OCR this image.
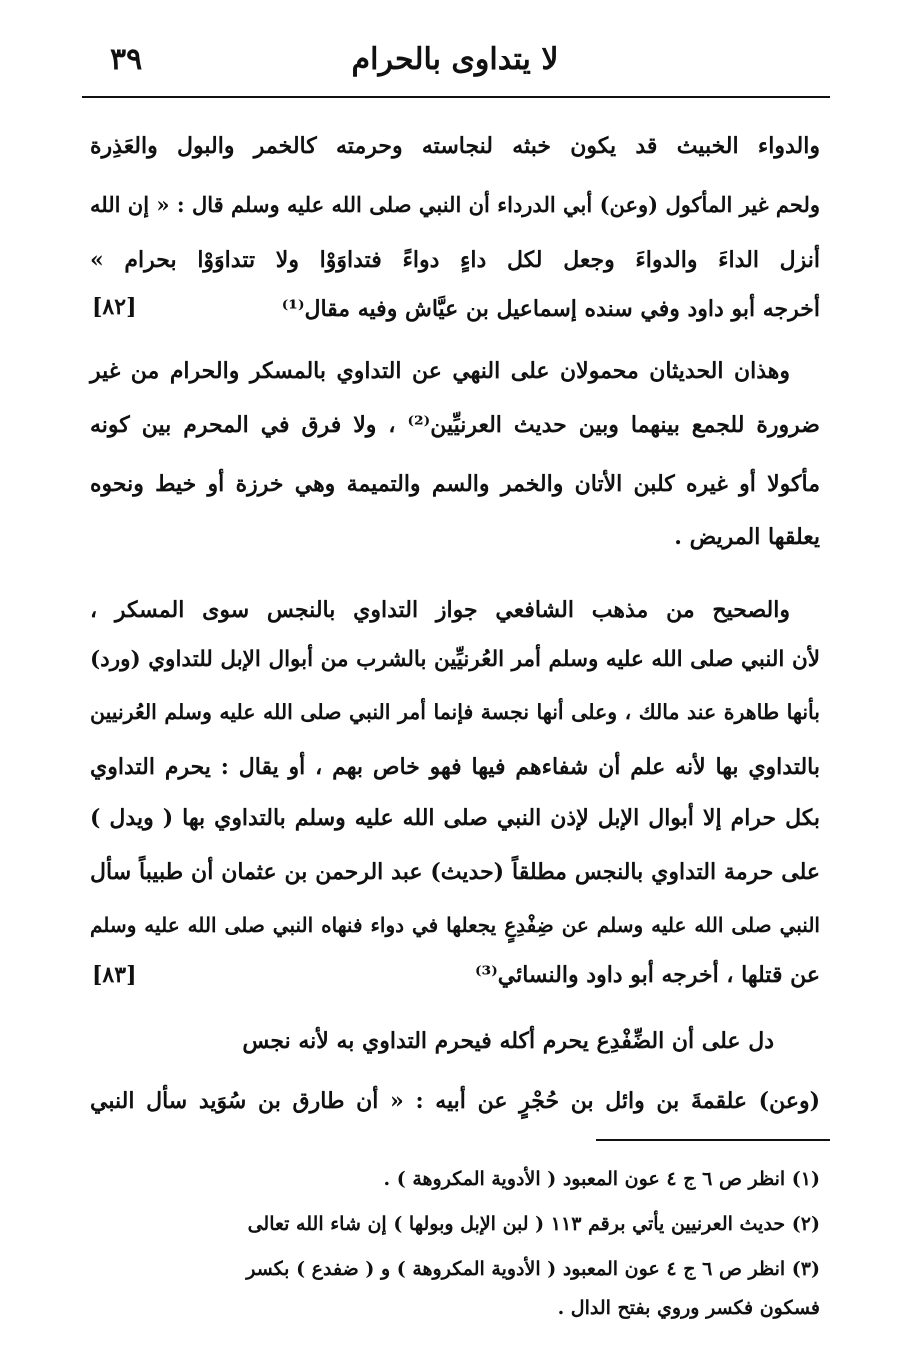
٣٩	لا يتداوى بالحرام
والدواء الخبيث قد يكون خبثه لنجاسته وحرمته كالخمر والبول والعَذِرة
ولحم غير المأكول (وعن) أبي الدرداء أن النبي صلى الله عليه وسلم قال : « إن الله
أنزل الداءَ والدواءَ وجعل لكل داءٍ دواءً فتداوَوْا ولا تتداوَوْا بحرام »
أخرجه أبو داود وفي سنده إسماعيل بن عيَّاش وفيه مقال⁽¹⁾
[٨٢]
وهذان الحديثان محمولان على النهي عن التداوي بالمسكر والحرام من غير
ضرورة للجمع بينهما وبين حديث العرنيِّين⁽²⁾ ، ولا فرق في المحرم بين كونه
مأكولا أو غيره كلبن الأتان والخمر والسم والتميمة وهي خرزة أو خيط ونحوه
يعلقها المريض .
والصحيح من مذهب الشافعي جواز التداوي بالنجس سوى المسكر ،
لأن النبي صلى الله عليه وسلم أمر العُرنيِّين بالشرب من أبوال الإبل للتداوي (ورد)
بأنها طاهرة عند مالك ، وعلى أنها نجسة فإنما أمر النبي صلى الله عليه وسلم العُرنيين
بالتداوي بها لأنه علم أن شفاءهم فيها فهو خاص بهم ، أو يقال : يحرم التداوي
بكل حرام إلا أبوال الإبل لإذن النبي صلى الله عليه وسلم بالتداوي بها ( ويدل )
على حرمة التداوي بالنجس مطلقاً (حديث) عبد الرحمن بن عثمان أن طبيباً سأل
النبي صلى الله عليه وسلم عن ضِفْدِعٍ يجعلها في دواء فنهاه النبي صلى الله عليه وسلم
عن قتلها ، أخرجه أبو داود والنسائي⁽³⁾
[٨٣]
دل على أن الضِّفْدِع يحرم أكله فيحرم التداوي به لأنه نجس
(وعن) علقمةَ بن وائل بن حُجْرٍ عن أبيه : « أن طارق بن سُوَيد سأل النبي
(١) انظر ص ٦ ج ٤ عون المعبود ( الأدوية المكروهة ) .
(٢) حديث العرنيين يأتي برقم ١١٣ ( لبن الإبل وبولها ) إن شاء الله تعالى
(٣) انظر ص ٦ ج ٤ عون المعبود ( الأدوية المكروهة ) و ( ضفدع ) بكسر
فسكون فكسر وروي بفتح الدال .
